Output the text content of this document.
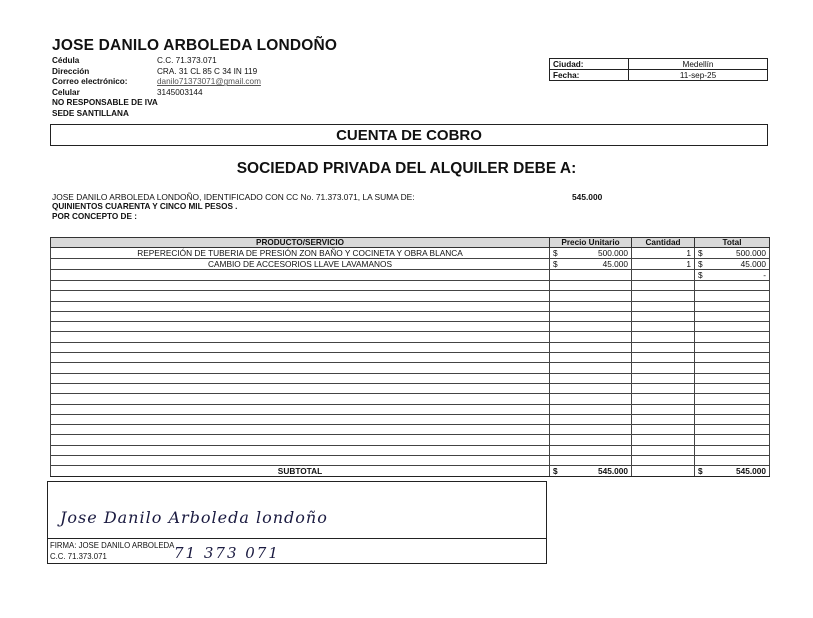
JOSE DANILO ARBOLEDA LONDOÑO
Cédula	C.C. 71.373.071
Dirección	CRA. 31 CL 85 C 34 IN 119
Correo electrónico:	danilo71373071@gmail.com
Celular	3145003144
NO RESPONSABLE DE IVA
SEDE SANTILLANA
Ciudad:	Medellín
Fecha:	11-sep-25
CUENTA DE COBRO
SOCIEDAD PRIVADA DEL ALQUILER DEBE A:
JOSE DANILO ARBOLEDA LONDOÑO, IDENTIFICADO CON CC No. 71.373.071, LA SUMA DE:	545.000
QUINIENTOS CUARENTA Y CINCO MIL PESOS .
POR CONCEPTO DE :
PRODUCTO/SERVICIO	Precio Unitario	Cantidad	Total
REPERECIÓN DE TUBERIA DE PRESIÓN ZON BAÑO Y COCINETA Y OBRA BLANCA	$ 500.000	1	$ 500.000

CAMBIO DE ACCESORIOS LLAVE LAVAMANOS	$ 45.000	1	$ 45.000

			$ -

SUBTOTAL	$ 545.000		$ 545.000
Jose Danilo Arboleda londoño
FIRMA: JOSE DANILO ARBOLEDA
C.C. 71.373.071	71 373 071
